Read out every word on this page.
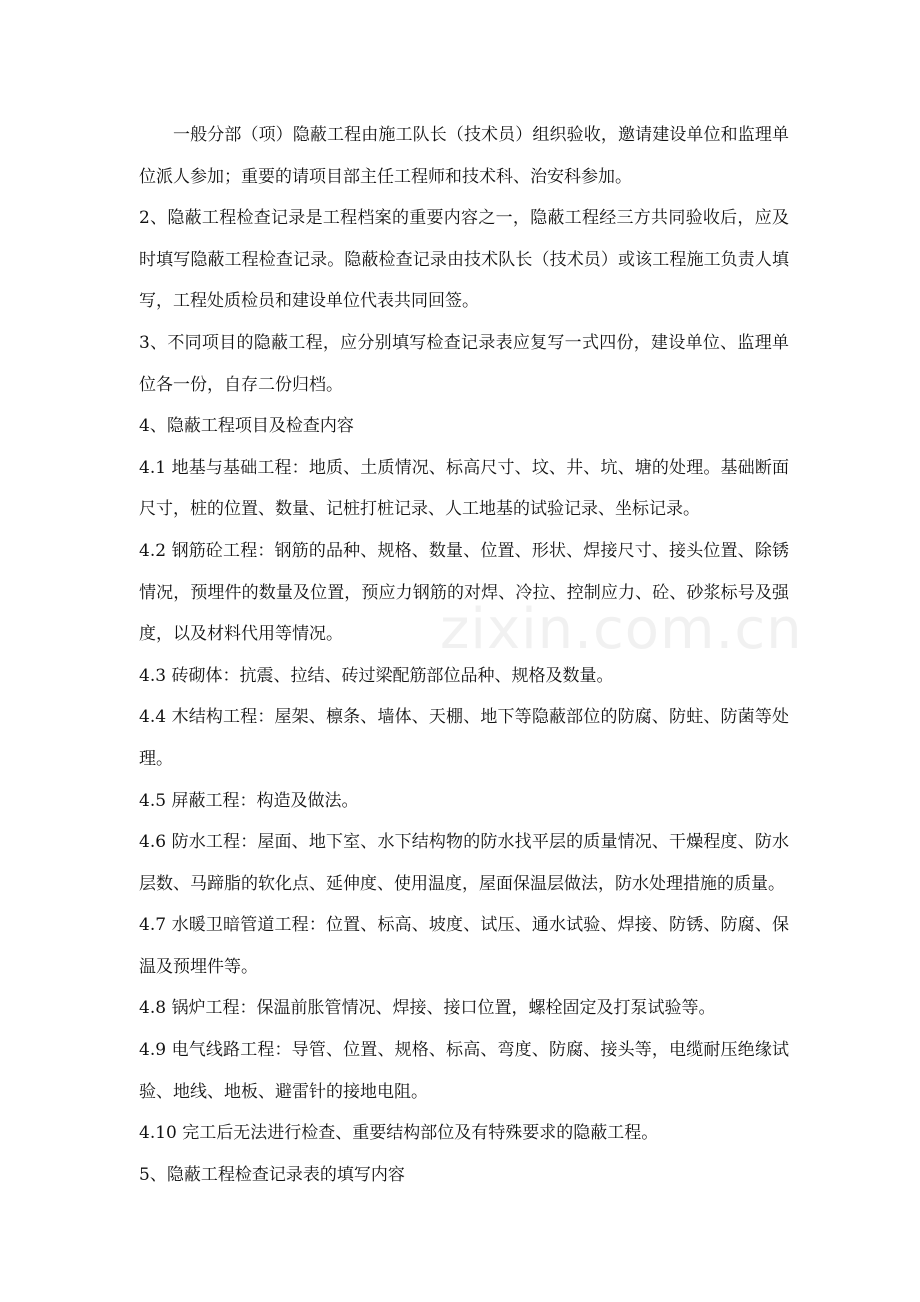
一般分部（项）隐蔽工程由施工队长（技术员）组织验收，邀请建设单位和监理单位派人参加；重要的请项目部主任工程师和技术科、治安科参加。

2、隐蔽工程检查记录是工程档案的重要内容之一，隐蔽工程经三方共同验收后，应及时填写隐蔽工程检查记录。隐蔽检查记录由技术队长（技术员）或该工程施工负责人填写，工程处质检员和建设单位代表共同回签。

3、不同项目的隐蔽工程，应分别填写检查记录表应复写一式四份，建设单位、监理单位各一份，自存二份归档。

4、隐蔽工程项目及检查内容

4.1 地基与基础工程：地质、土质情况、标高尺寸、坟、井、坑、塘的处理。基础断面尺寸，桩的位置、数量、记桩打桩记录、人工地基的试验记录、坐标记录。

4.2 钢筋砼工程：钢筋的品种、规格、数量、位置、形状、焊接尺寸、接头位置、除锈情况，预埋件的数量及位置，预应力钢筋的对焊、冷拉、控制应力、砼、砂浆标号及强度，以及材料代用等情况。

4.3 砖砌体：抗震、拉结、砖过梁配筋部位品种、规格及数量。

4.4 木结构工程：屋架、檩条、墙体、天棚、地下等隐蔽部位的防腐、防蛀、防菌等处理。

4.5 屏蔽工程：构造及做法。

4.6 防水工程：屋面、地下室、水下结构物的防水找平层的质量情况、干燥程度、防水层数、马蹄脂的软化点、延伸度、使用温度，屋面保温层做法，防水处理措施的质量。

4.7 水暖卫暗管道工程：位置、标高、坡度、试压、通水试验、焊接、防锈、防腐、保温及预埋件等。

4.8 锅炉工程：保温前胀管情况、焊接、接口位置，螺栓固定及打泵试验等。

4.9 电气线路工程：导管、位置、规格、标高、弯度、防腐、接头等，电缆耐压绝缘试验、地线、地板、避雷针的接地电阻。

4.10 完工后无法进行检查、重要结构部位及有特殊要求的隐蔽工程。

5、隐蔽工程检查记录表的填写内容

zixin.com.cn
